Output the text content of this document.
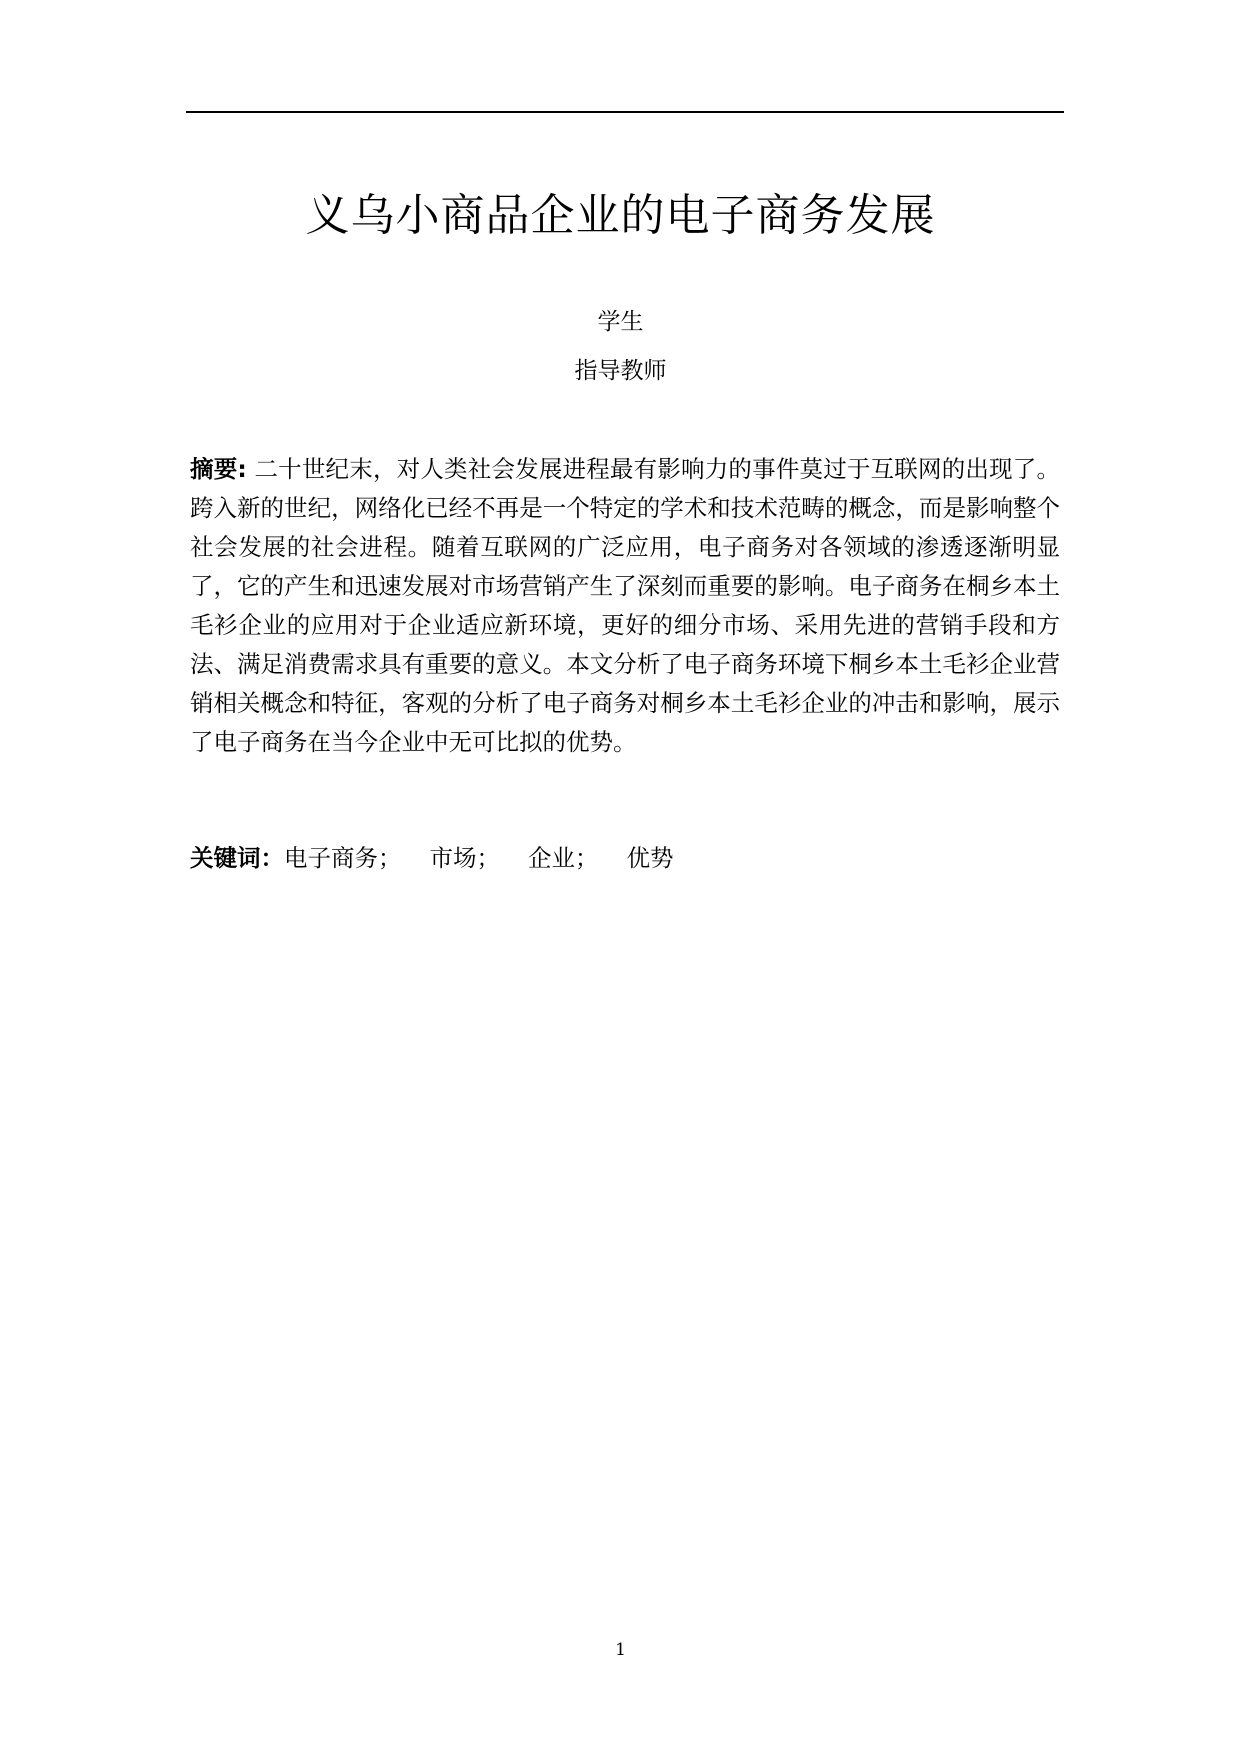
义乌小商品企业的电子商务发展
学生
指导教师

摘要: 二十世纪末，对人类社会发展进程最有影响力的事件莫过于互联网的出现了。跨入新的世纪，网络化已经不再是一个特定的学术和技术范畴的概念，而是影响整个社会发展的社会进程。随着互联网的广泛应用，电子商务对各领域的渗透逐渐明显了，它的产生和迅速发展对市场营销产生了深刻而重要的影响。电子商务在桐乡本土毛衫企业的应用对于企业适应新环境，更好的细分市场、采用先进的营销手段和方法、满足消费需求具有重要的意义。本文分析了电子商务环境下桐乡本土毛衫企业营销相关概念和特征，客观的分析了电子商务对桐乡本土毛衫企业的冲击和影响，展示了电子商务在当今企业中无可比拟的优势。

关键词：电子商务； 市场； 企业； 优势

1
